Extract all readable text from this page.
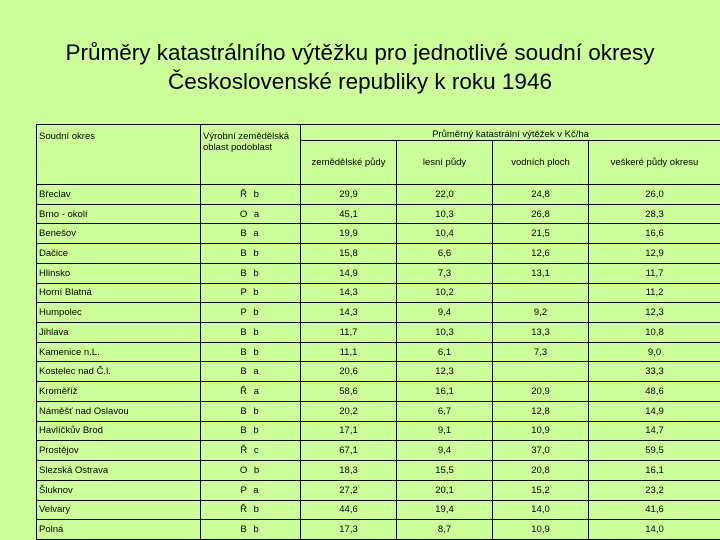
Průměry katastrálního výtěžku pro jednotlivé soudní okresy
Československé republiky k roku 1946
Soudní okres	Výrobní zemědělská oblast podoblast	Průměrný katastrální výtěžek v Kč/ha			
		zemědělské půdy	lesní půdy	vodních ploch	veškeré půdy okresu
Břeclav	Ř b	29,9	22,0	24,8	26,0
Brno - okolí	O a	45,1	10,3	26,8	28,3
Benešov	B a	19,9	10,4	21,5	16,6
Dačice	B b	15,8	6,6	12,6	12,9
Hlinsko	B b	14,9	7,3	13,1	11,7
Horní Blatná	P b	14,3	10,2		11,2
Humpolec	P b	14,3	9,4	9,2	12,3
Jihlava	B b	11,7	10,3	13,3	10,8
Kamenice n.L.	B b	11,1	6,1	7,3	9,0
Kostelec nad Č.l.	B a	20,6	12,3		33,3
Kroměříž	Ř a	58,6	16,1	20,9	48,6
Náměšť nad Oslavou	B b	20,2	6,7	12,8	14,9
Havlíčkův Brod	B b	17,1	9,1	10,9	14,7
Prostějov	Ř c	67,1	9,4	37,0	59,5
Slezská Ostrava	O b	18,3	15,5	20,8	16,1
Šluknov	P a	27,2	20,1	15,2	23,2
Velvary	Ř b	44,6	19,4	14,0	41,6
Polná	B b	17,3	8,7	10,9	14,0
